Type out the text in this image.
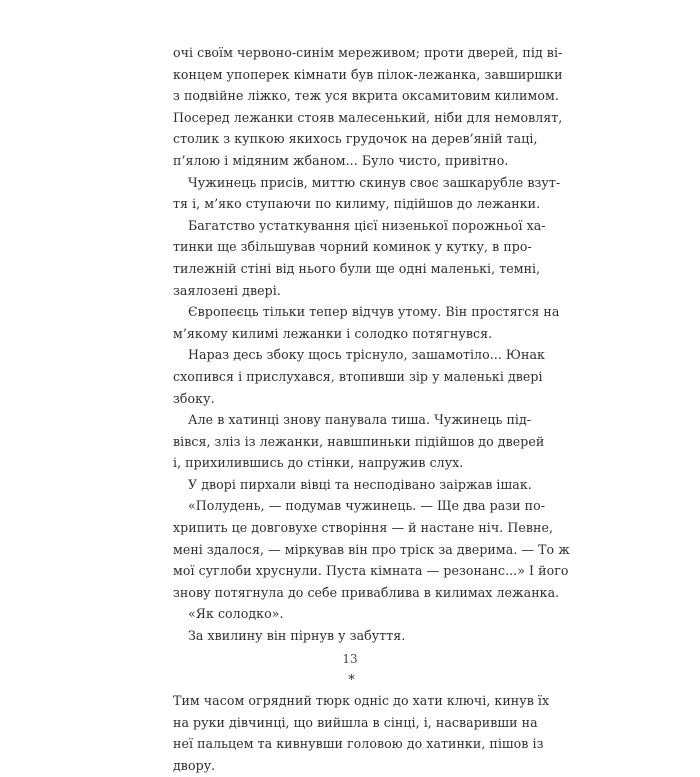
очі своїм червоно-синім мереживом; проти дверей, під ві-
концем упоперек кімнати був пілок-лежанка, завширшки
з подвійне ліжко, теж уся вкрита оксамитовим килимом.
Посеред лежанки стояв малесенький, ніби для немовлят,
столик з купкою якихось грудочок на дерев’яній таці,
п’ялою і мідяним жбаном... Було чисто, привітно.
Чужинець присів, миттю скинув своє зашкарубле взут-
тя і, м’яко ступаючи по килиму, підійшов до лежанки.
Багатство устаткування цієї низенької порожньої ха-
тинки ще збільшував чорний коминок у кутку, в про-
тилежній стіні від нього були ще одні маленькі, темні,
заялозені двері.
Європеєць тільки тепер відчув утому. Він простягся на
м’якому килимі лежанки і солодко потягнувся.
Нараз десь збоку щось тріснуло, зашамотіло... Юнак
схопився і прислухався, втопивши зір у маленькі двері
збоку.
Але в хатинці знову панувала тиша. Чужинець під-
вівся, зліз із лежанки, навшпиньки підійшов до дверей
і, прихилившись до стінки, напружив слух.
У дворі пирхали вівці та несподівано заіржав ішак.
«Полудень, — подумав чужинець. — Ще два рази по-
хрипить це довговухе створіння — й настане ніч. Певне,
мені здалося, — міркував він про тріск за дверима. — То ж
мої суглоби хруснули. Пуста кімната — резонанс...» І його
знову потягнула до себе приваблива в килимах лежанка.
«Як солодко».
За хвилину він пірнув у забуття.
*
Тим часом огрядний тюрк одніс до хати ключі, кинув їх
на руки дівчинці, що вийшла в сінці, і, насваривши на
неї пальцем та кивнувши головою до хатинки, пішов із
двору.
13
